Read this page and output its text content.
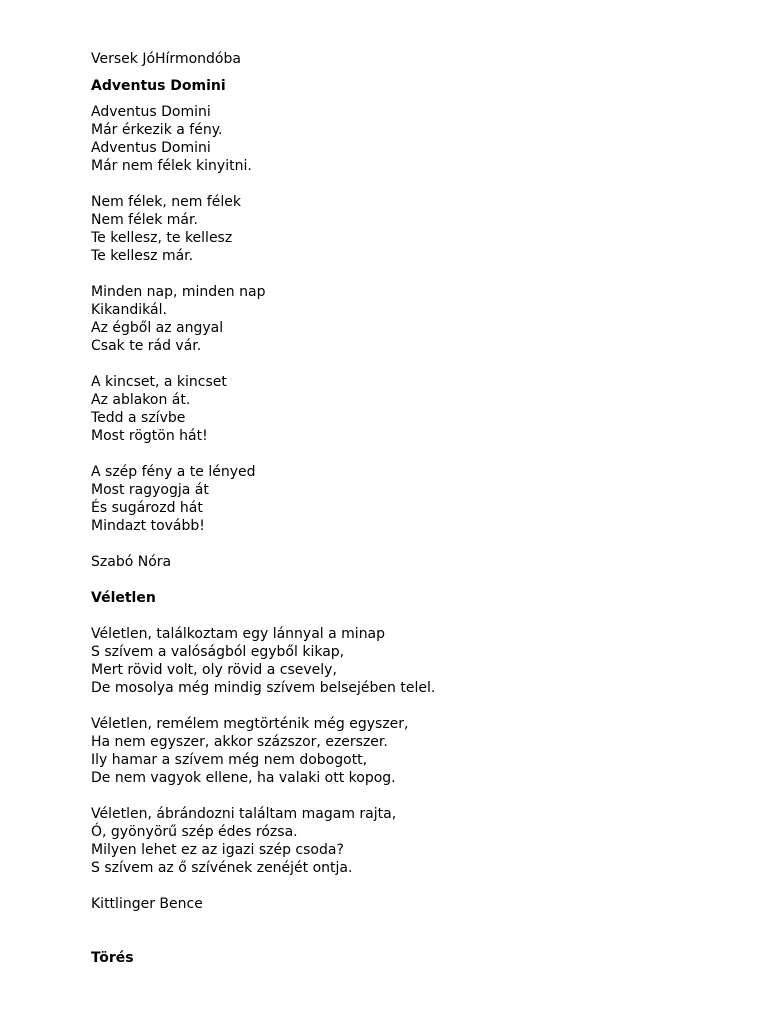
Versek JóHírmondóba
Adventus Domini
Adventus Domini
Már érkezik a fény.
Adventus Domini
Már nem félek kinyitni.
Nem félek, nem félek
Nem félek már.
Te kellesz, te kellesz
Te kellesz már.
Minden nap, minden nap
Kikandikál.
Az égből az angyal
Csak te rád vár.
A kincset, a kincset
Az ablakon át.
Tedd a szívbe
Most rögtön hát!
A szép fény a te lényed
Most ragyogja át
És sugározd hát
Mindazt tovább!
Szabó Nóra
Véletlen
Véletlen, találkoztam egy lánnyal a minap
S szívem a valóságból egyből kikap,
Mert rövid volt, oly rövid a csevely,
De mosolya még mindig szívem belsejében telel.
Véletlen, remélem megtörténik még egyszer,
Ha nem egyszer, akkor százszor, ezerszer.
Ily hamar a szívem még nem dobogott,
De nem vagyok ellene, ha valaki ott kopog.
Véletlen, ábrándozni találtam magam rajta,
Ó, gyönyörű szép édes rózsa.
Milyen lehet ez az igazi szép csoda?
S szívem az ő szívének zenéjét ontja.
Kittlinger Bence
Törés
